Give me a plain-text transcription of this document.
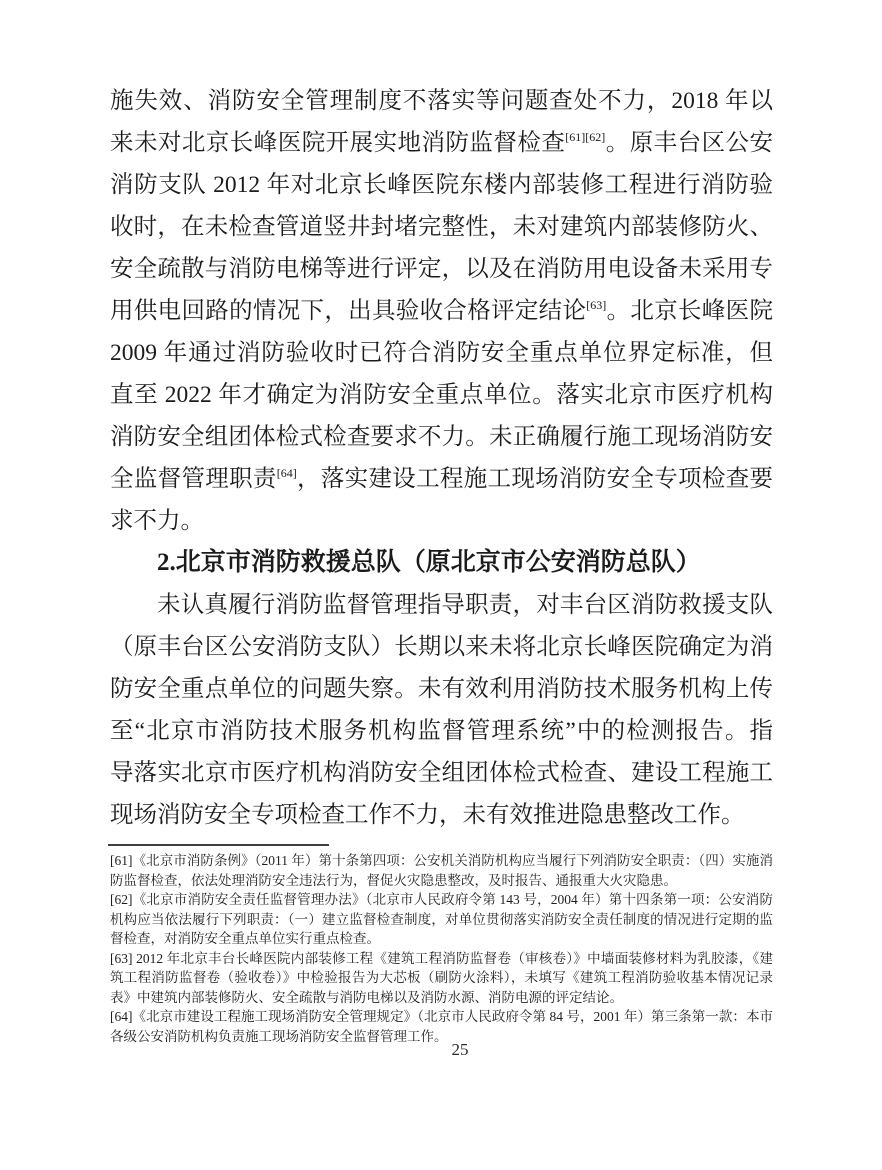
施失效、消防安全管理制度不落实等问题查处不力，2018 年以
来未对北京长峰医院开展实地消防监督检查[61][62]。原丰台区公安
消防支队 2012 年对北京长峰医院东楼内部装修工程进行消防验
收时，在未检查管道竖井封堵完整性，未对建筑内部装修防火、
安全疏散与消防电梯等进行评定，以及在消防用电设备未采用专
用供电回路的情况下，出具验收合格评定结论[63]。北京长峰医院
2009 年通过消防验收时已符合消防安全重点单位界定标准，但
直至 2022 年才确定为消防安全重点单位。落实北京市医疗机构
消防安全组团体检式检查要求不力。未正确履行施工现场消防安
全监督管理职责[64]，落实建设工程施工现场消防安全专项检查要
求不力。
2.北京市消防救援总队（原北京市公安消防总队）
未认真履行消防监督管理指导职责，对丰台区消防救援支队
（原丰台区公安消防支队）长期以来未将北京长峰医院确定为消
防安全重点单位的问题失察。未有效利用消防技术服务机构上传
至“北京市消防技术服务机构监督管理系统”中的检测报告。指
导落实北京市医疗机构消防安全组团体检式检查、建设工程施工
现场消防安全专项检查工作不力，未有效推进隐患整改工作。

[61]《北京市消防条例》（2011 年）第十条第四项：公安机关消防机构应当履行下列消防安全职责：（四）实施消防监督检查，依法处理消防安全违法行为，督促火灾隐患整改，及时报告、通报重大火灾隐患。

[62]《北京市消防安全责任监督管理办法》（北京市人民政府令第 143 号，2004 年）第十四条第一项：公安消防机构应当依法履行下列职责：（一）建立监督检查制度，对单位贯彻落实消防安全责任制度的情况进行定期的监督检查，对消防安全重点单位实行重点检查。

[63] 2012 年北京丰台长峰医院内部装修工程《建筑工程消防监督卷（审核卷）》中墙面装修材料为乳胶漆，《建筑工程消防监督卷（验收卷）》中检验报告为大芯板（刷防火涂料），未填写《建筑工程消防验收基本情况记录表》中建筑内部装修防火、安全疏散与消防电梯以及消防水源、消防电源的评定结论。

[64]《北京市建设工程施工现场消防安全管理规定》（北京市人民政府令第 84 号，2001 年）第三条第一款：本市各级公安消防机构负责施工现场消防安全监督管理工作。

25
